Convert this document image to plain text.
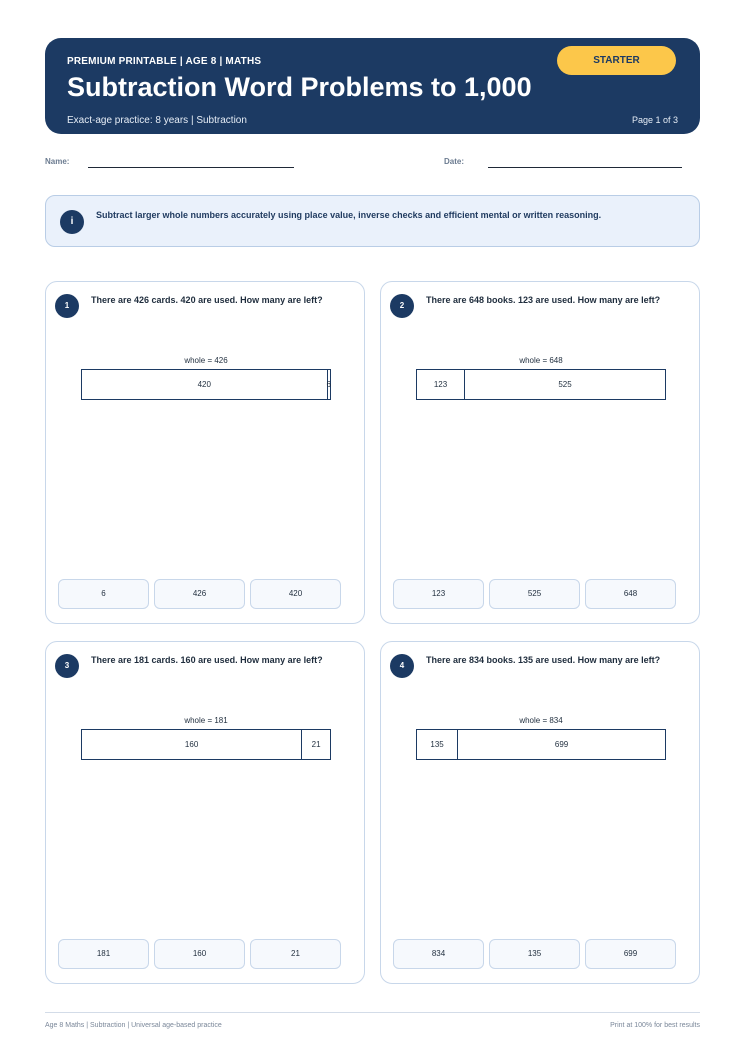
PREMIUM PRINTABLE | AGE 8 | MATHS
Subtraction Word Problems to 1,000
Exact-age practice: 8 years | Subtraction	Page 1 of 3
STARTER
Name:	Date:
i
Subtract larger whole numbers accurately using place value, inverse checks and efficient mental or written reasoning.
1
There are 426 cards. 420 are used. How many are left?
whole = 426
420	6
6	426	420
2
There are 648 books. 123 are used. How many are left?
whole = 648
123	525
123	525	648
3
There are 181 cards. 160 are used. How many are left?
whole = 181
160	21
181	160	21
4
There are 834 books. 135 are used. How many are left?
whole = 834
135	699
834	135	699
Age 8 Maths | Subtraction | Universal age-based practice	Print at 100% for best results
